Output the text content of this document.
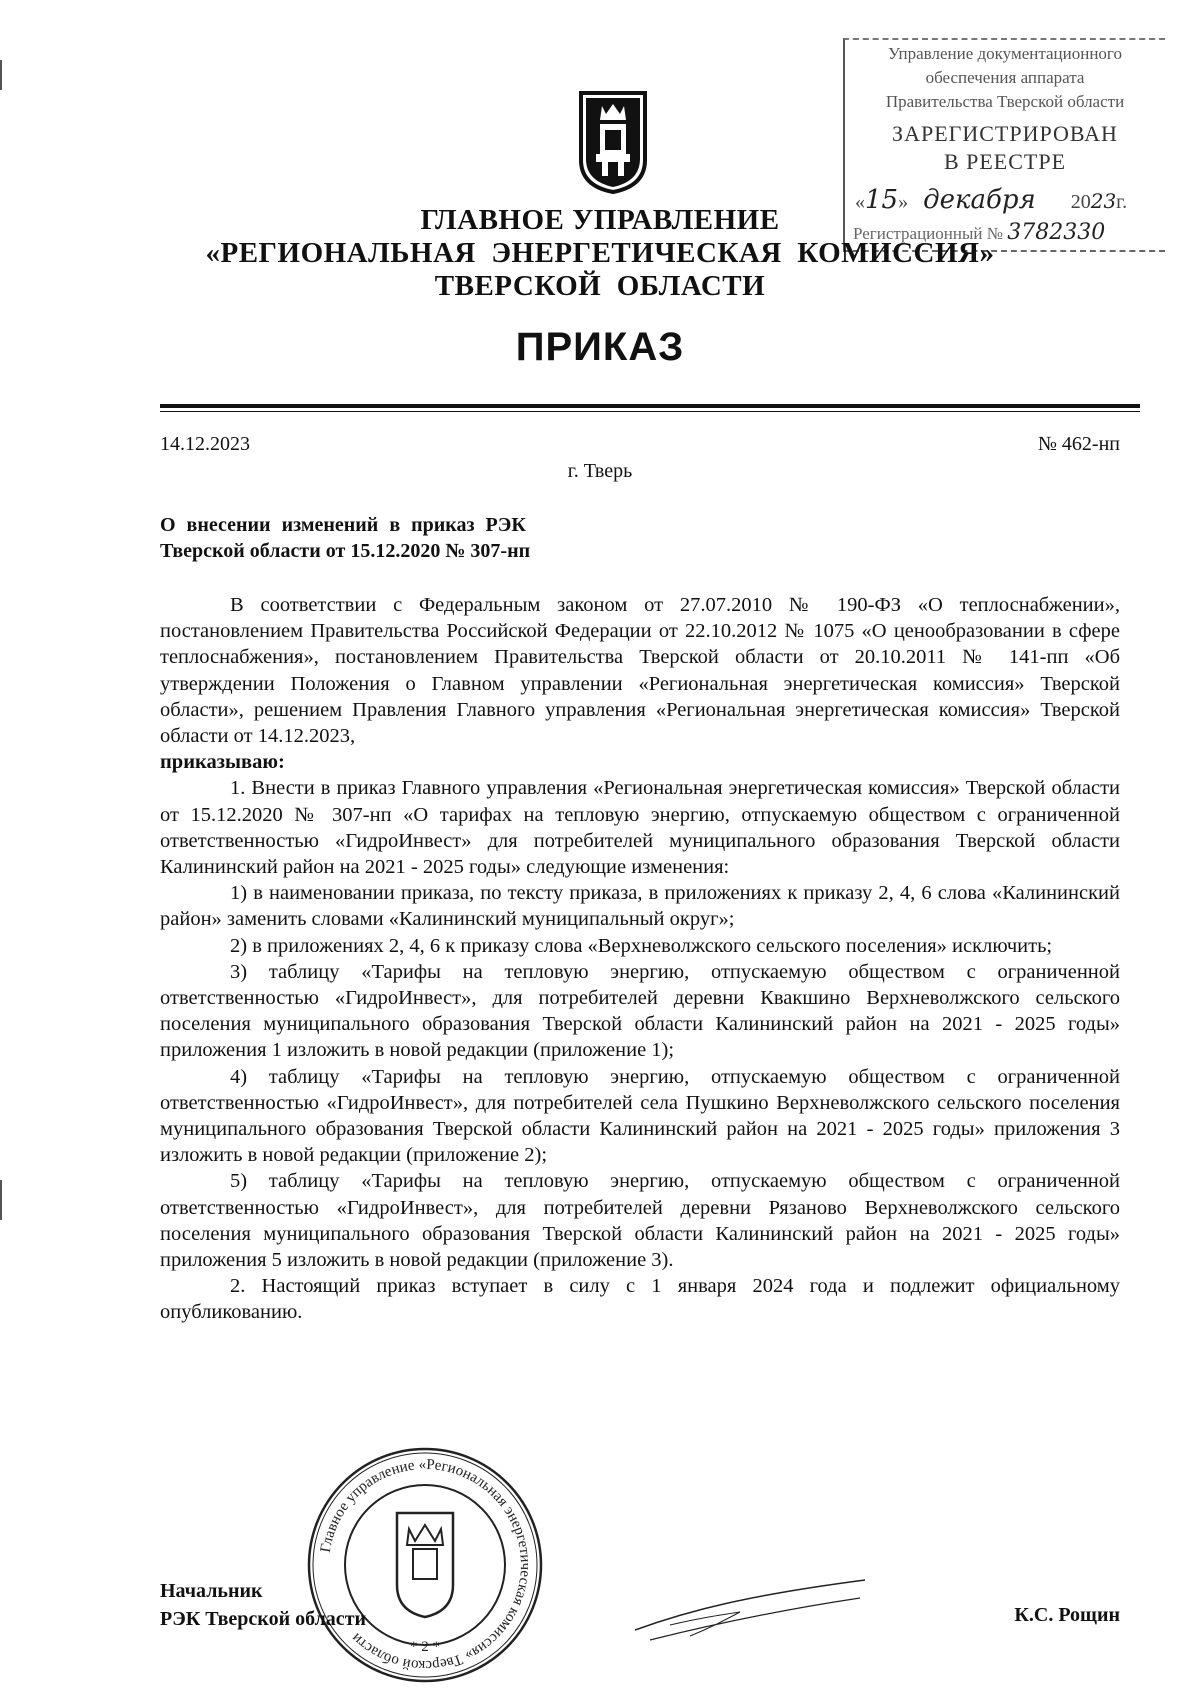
Управление документационного
обеспечения аппарата
Правительства Тверской области
ЗАРЕГИСТРИРОВАН
В РЕЕСТРЕ
«15» декабря 2023г.
Регистрационный № 3782330
ГЛАВНОЕ УПРАВЛЕНИЕ
«РЕГИОНАЛЬНАЯ  ЭНЕРГЕТИЧЕСКАЯ  КОМИССИЯ»
ТВЕРСКОЙ  ОБЛАСТИ
ПРИКАЗ
14.12.2023	№ 462-нп
г. Тверь
О внесении изменений в приказ РЭК
Тверской области от 15.12.2020 № 307-нп

В соответствии с Федеральным законом от 27.07.2010 № 190-ФЗ «О теплоснабжении», постановлением Правительства Российской Федерации от 22.10.2012 № 1075 «О ценообразовании в сфере теплоснабжения», постановлением Правительства Тверской области от 20.10.2011 № 141-пп «Об утверждении Положения о Главном управлении «Региональная энергетическая комиссия» Тверской области», решением Правления Главного управления «Региональная энергетическая комиссия» Тверской области от 14.12.2023,

приказываю:

1. Внести в приказ Главного управления «Региональная энергетическая комиссия» Тверской области от 15.12.2020 № 307-нп «О тарифах на тепловую энергию, отпускаемую обществом с ограниченной ответственностью «ГидроИнвест» для потребителей муниципального образования Тверской области Калининский район на 2021 - 2025 годы» следующие изменения:

1) в наименовании приказа, по тексту приказа, в приложениях к приказу 2, 4, 6 слова «Калининский район» заменить словами «Калининский муниципальный округ»;

2) в приложениях 2, 4, 6 к приказу слова «Верхневолжского сельского поселения» исключить;

3) таблицу «Тарифы на тепловую энергию, отпускаемую обществом с ограниченной ответственностью «ГидроИнвест», для потребителей деревни Квакшино Верхневолжского сельского поселения муниципального образования Тверской области Калининский район на 2021 - 2025 годы» приложения 1 изложить в новой редакции (приложение 1);

4) таблицу «Тарифы на тепловую энергию, отпускаемую обществом с ограниченной ответственностью «ГидроИнвест», для потребителей села Пушкино Верхневолжского сельского поселения муниципального образования Тверской области Калининский район на 2021 - 2025 годы» приложения 3 изложить в новой редакции (приложение 2);

5) таблицу «Тарифы на тепловую энергию, отпускаемую обществом с ограниченной ответственностью «ГидроИнвест», для потребителей деревни Рязаново Верхневолжского сельского поселения муниципального образования Тверской области Калининский район на 2021 - 2025 годы» приложения 5 изложить в новой редакции (приложение 3).

2. Настоящий приказ вступает в силу с 1 января 2024 года и подлежит официальному опубликованию.

Главное управление «Региональная энергетическая комиссия» Тверской области
* 2 *
Начальник
РЭК Тверской области	К.С. Рощин
